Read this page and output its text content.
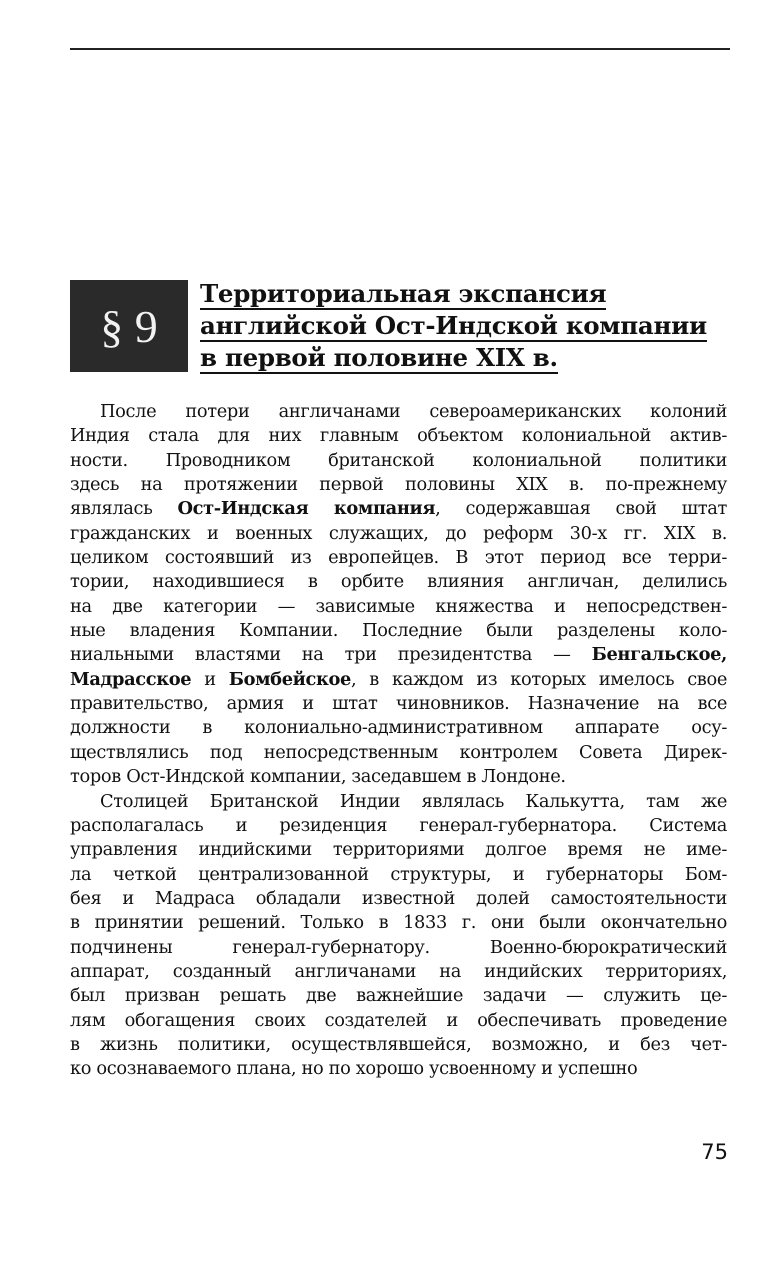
§ 9
Территориальная экспансия
английской Ост-Индской компании
в первой половине XIX в.
После потери англичанами североамериканских колоний
Индия стала для них главным объектом колониальной актив-
ности. Проводником британской колониальной политики
здесь на протяжении первой половины XIX в. по-прежнему
являлась Ост-Индская компания, содержавшая свой штат
гражданских и военных служащих, до реформ 30-х гг. XIX в.
целиком состоявший из европейцев. В этот период все терри-
тории, находившиеся в орбите влияния англичан, делились
на две категории — зависимые княжества и непосредствен-
ные владения Компании. Последние были разделены коло-
ниальными властями на три президентства — Бенгальское,
Мадрасское и Бомбейское, в каждом из которых имелось свое
правительство, армия и штат чиновников. Назначение на все
должности в колониально-административном аппарате осу-
ществлялись под непосредственным контролем Совета Дирек-
торов Ост-Индской компании, заседавшем в Лондоне.
Столицей Британской Индии являлась Калькутта, там же
располагалась и резиденция генерал-губернатора. Система
управления индийскими территориями долгое время не име-
ла четкой централизованной структуры, и губернаторы Бом-
бея и Мадраса обладали известной долей самостоятельности
в принятии решений. Только в 1833 г. они были окончательно
подчинены генерал-губернатору. Военно-бюрократический
аппарат, созданный англичанами на индийских территориях,
был призван решать две важнейшие задачи — служить це-
лям обогащения своих создателей и обеспечивать проведение
в жизнь политики, осуществлявшейся, возможно, и без чет-
ко осознаваемого плана, но по хорошо усвоенному и успешно
75
